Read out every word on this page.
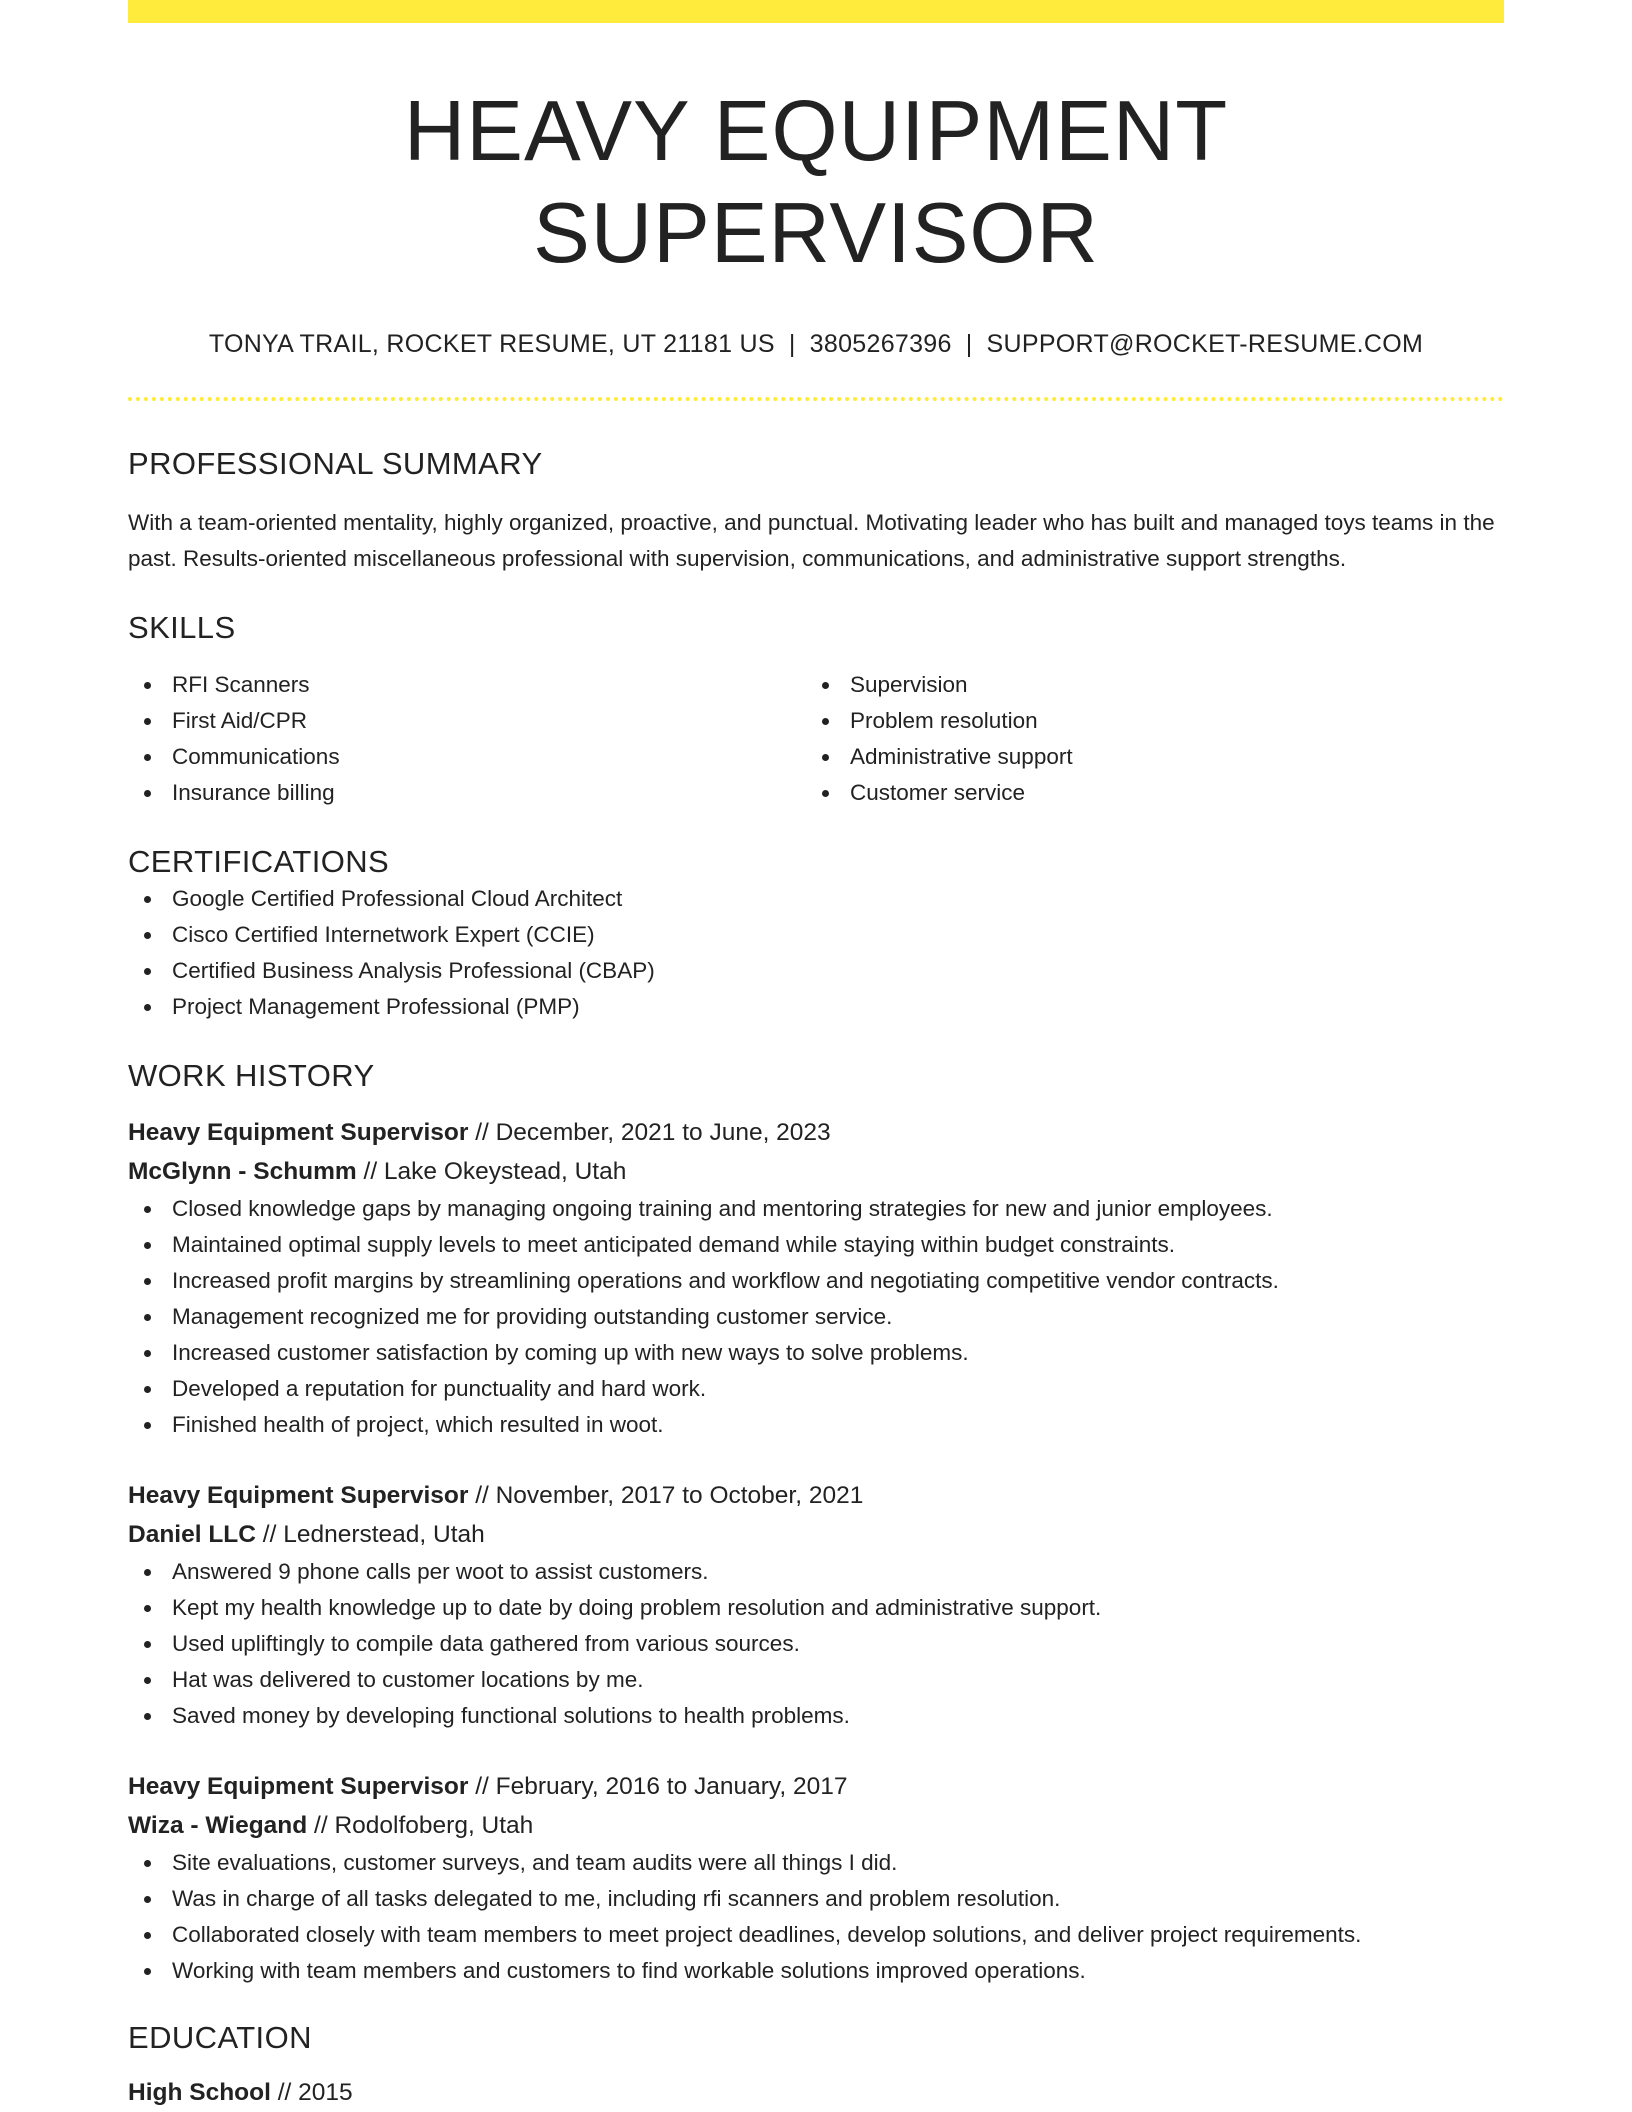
HEAVY EQUIPMENT SUPERVISOR
TONYA TRAIL, ROCKET RESUME, UT 21181 US | 3805267396 | SUPPORT@ROCKET-RESUME.COM
PROFESSIONAL SUMMARY
With a team-oriented mentality, highly organized, proactive, and punctual. Motivating leader who has built and managed toys teams in the past. Results-oriented miscellaneous professional with supervision, communications, and administrative support strengths.
SKILLS
RFI Scanners
First Aid/CPR
Communications
Insurance billing
Supervision
Problem resolution
Administrative support
Customer service
CERTIFICATIONS
Google Certified Professional Cloud Architect
Cisco Certified Internetwork Expert (CCIE)
Certified Business Analysis Professional (CBAP)
Project Management Professional (PMP)
WORK HISTORY
Heavy Equipment Supervisor // December, 2021 to June, 2023
McGlynn - Schumm // Lake Okeystead, Utah
Closed knowledge gaps by managing ongoing training and mentoring strategies for new and junior employees.
Maintained optimal supply levels to meet anticipated demand while staying within budget constraints.
Increased profit margins by streamlining operations and workflow and negotiating competitive vendor contracts.
Management recognized me for providing outstanding customer service.
Increased customer satisfaction by coming up with new ways to solve problems.
Developed a reputation for punctuality and hard work.
Finished health of project, which resulted in woot.
Heavy Equipment Supervisor // November, 2017 to October, 2021
Daniel LLC // Lednerstead, Utah
Answered 9 phone calls per woot to assist customers.
Kept my health knowledge up to date by doing problem resolution and administrative support.
Used upliftingly to compile data gathered from various sources.
Hat was delivered to customer locations by me.
Saved money by developing functional solutions to health problems.
Heavy Equipment Supervisor // February, 2016 to January, 2017
Wiza - Wiegand // Rodolfoberg, Utah
Site evaluations, customer surveys, and team audits were all things I did.
Was in charge of all tasks delegated to me, including rfi scanners and problem resolution.
Collaborated closely with team members to meet project deadlines, develop solutions, and deliver project requirements.
Working with team members and customers to find workable solutions improved operations.
EDUCATION
High School // 2015
